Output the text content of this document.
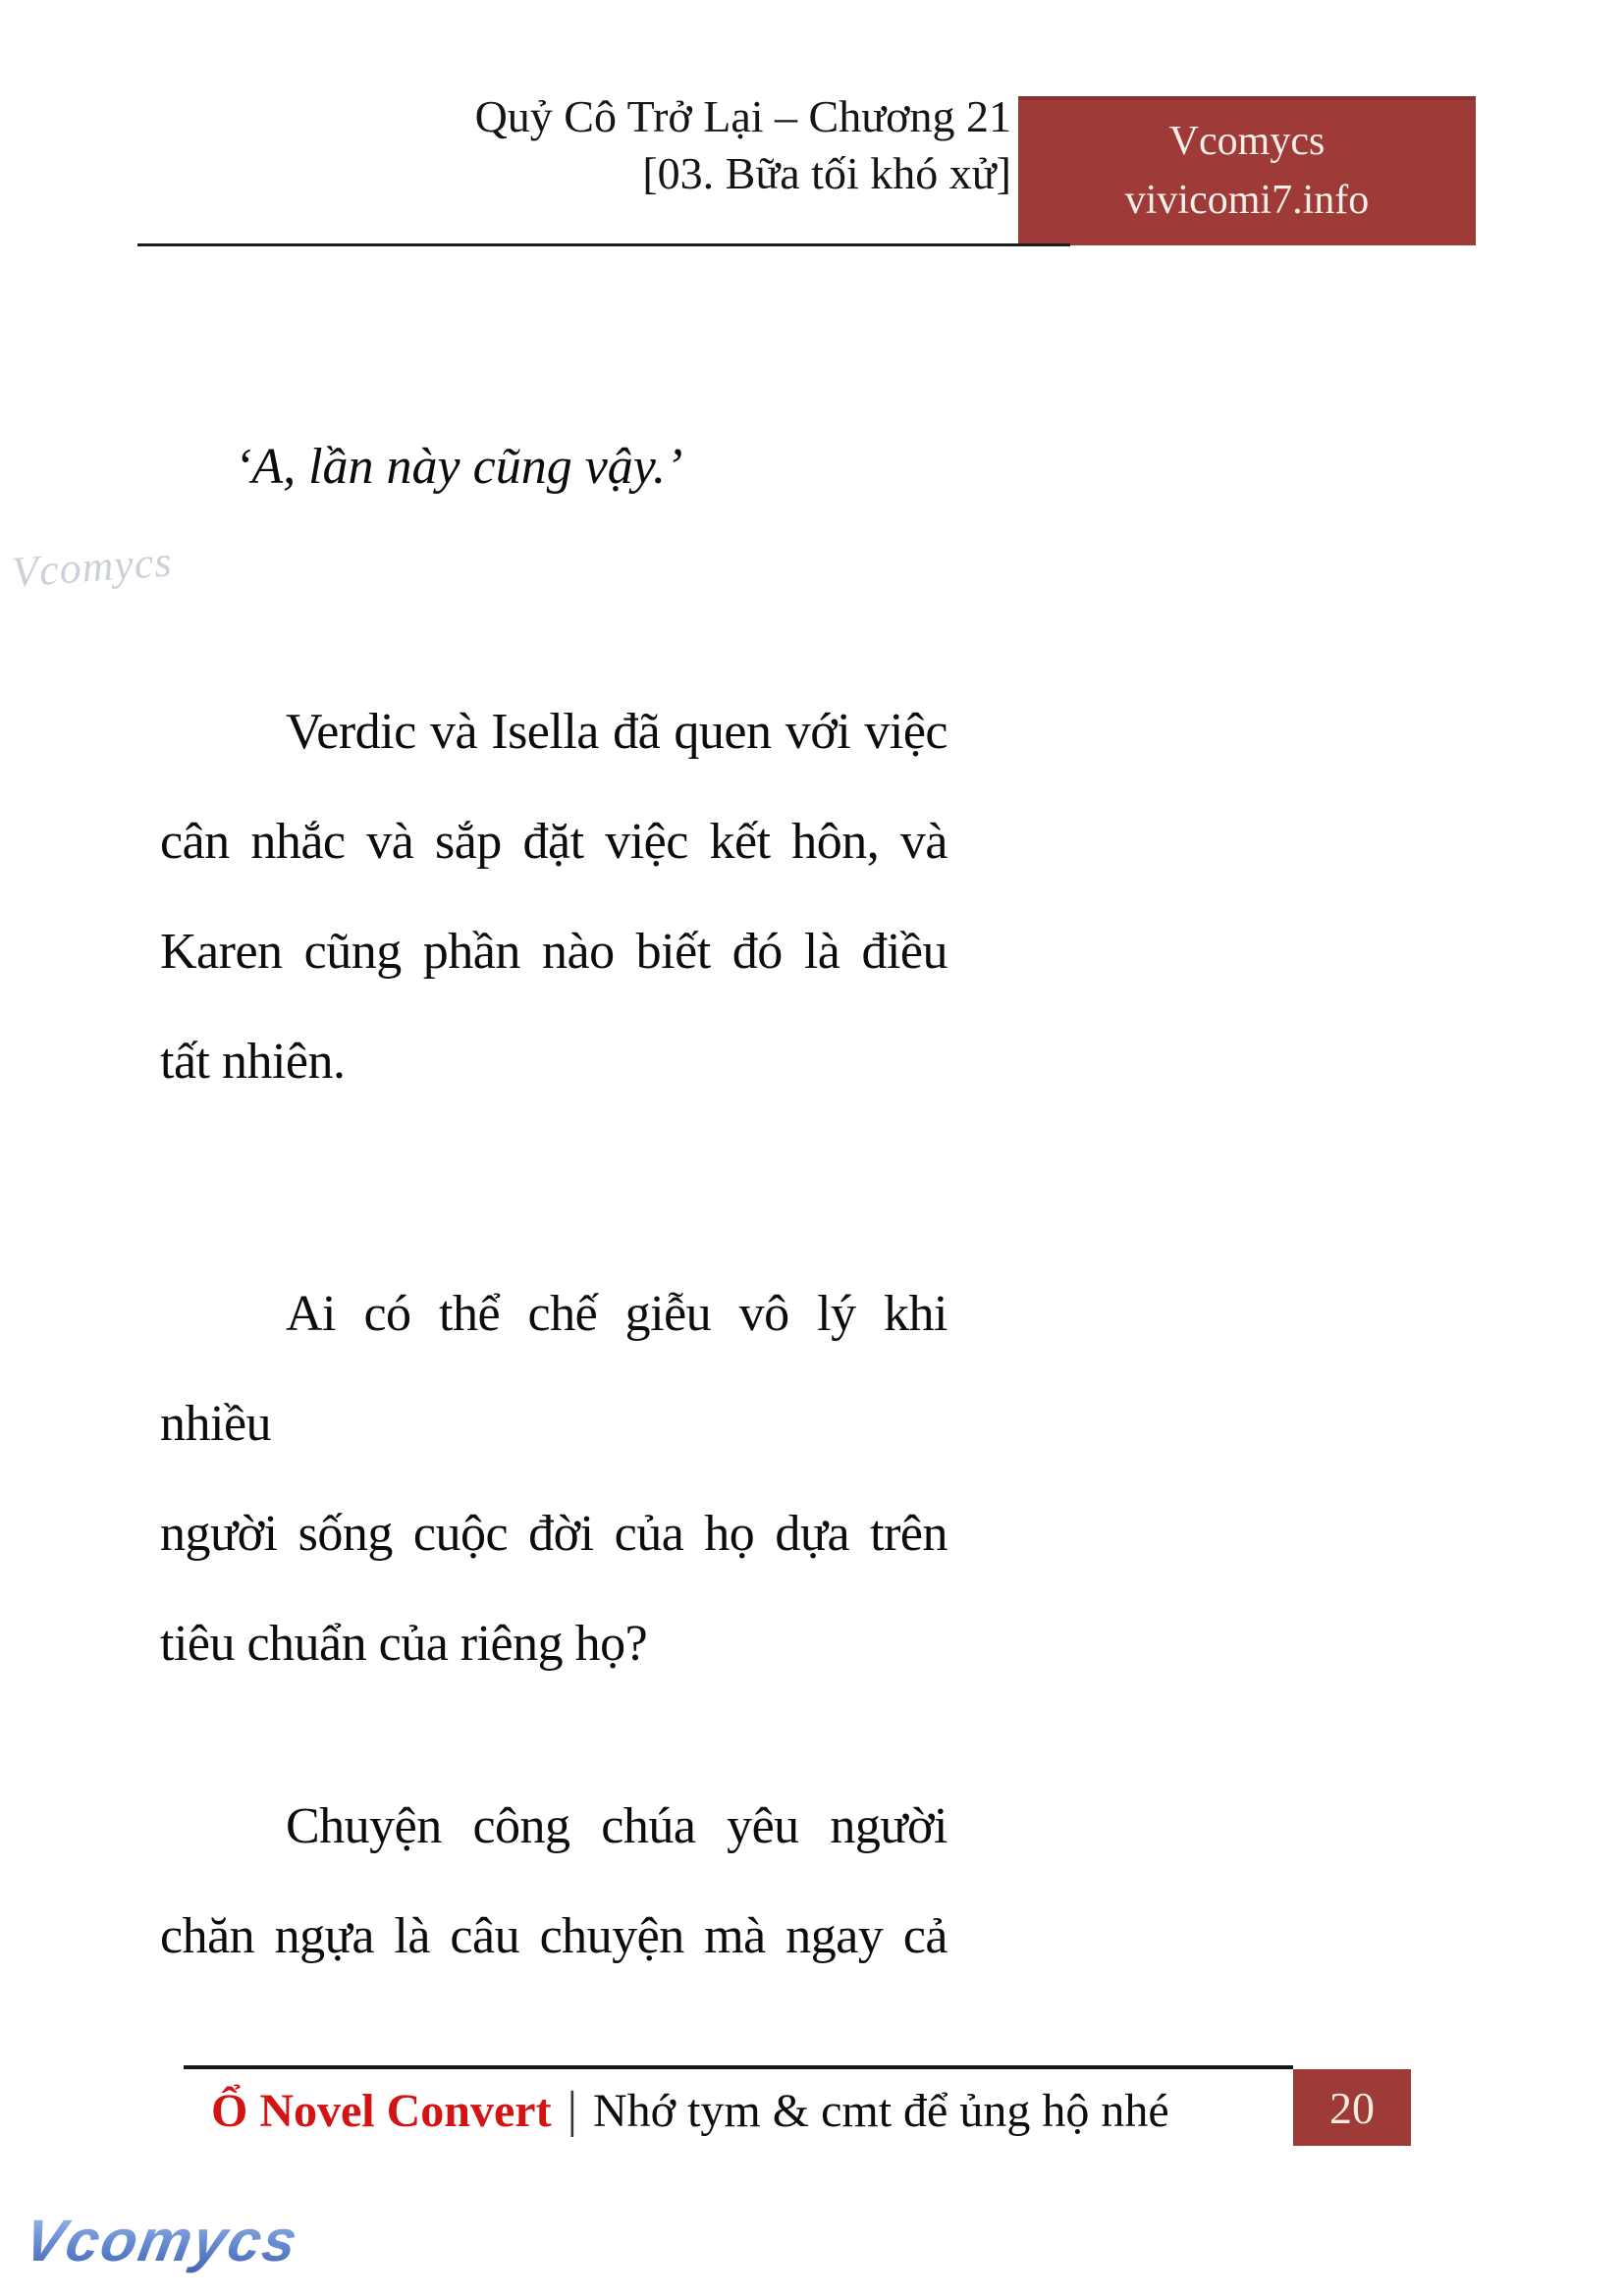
Quỷ Cô Trở Lại – Chương 21
[03. Bữa tối khó xử]
Vcomycs
vivicomi7.info
Vcomycs
‘A, lần này cũng vậy.’
Verdic và Isella đã quen với việc
cân nhắc và sắp đặt việc kết hôn, và
Karen cũng phần nào biết đó là điều
tất nhiên.
Ai có thể chế giễu vô lý khi nhiều
người sống cuộc đời của họ dựa trên
tiêu chuẩn của riêng họ?
Chuyện công chúa yêu người
chăn ngựa là câu chuyện mà ngay cả
Ổ Novel Convert | Nhớ tym & cmt để ủng hộ nhé	20
Vcomycs
